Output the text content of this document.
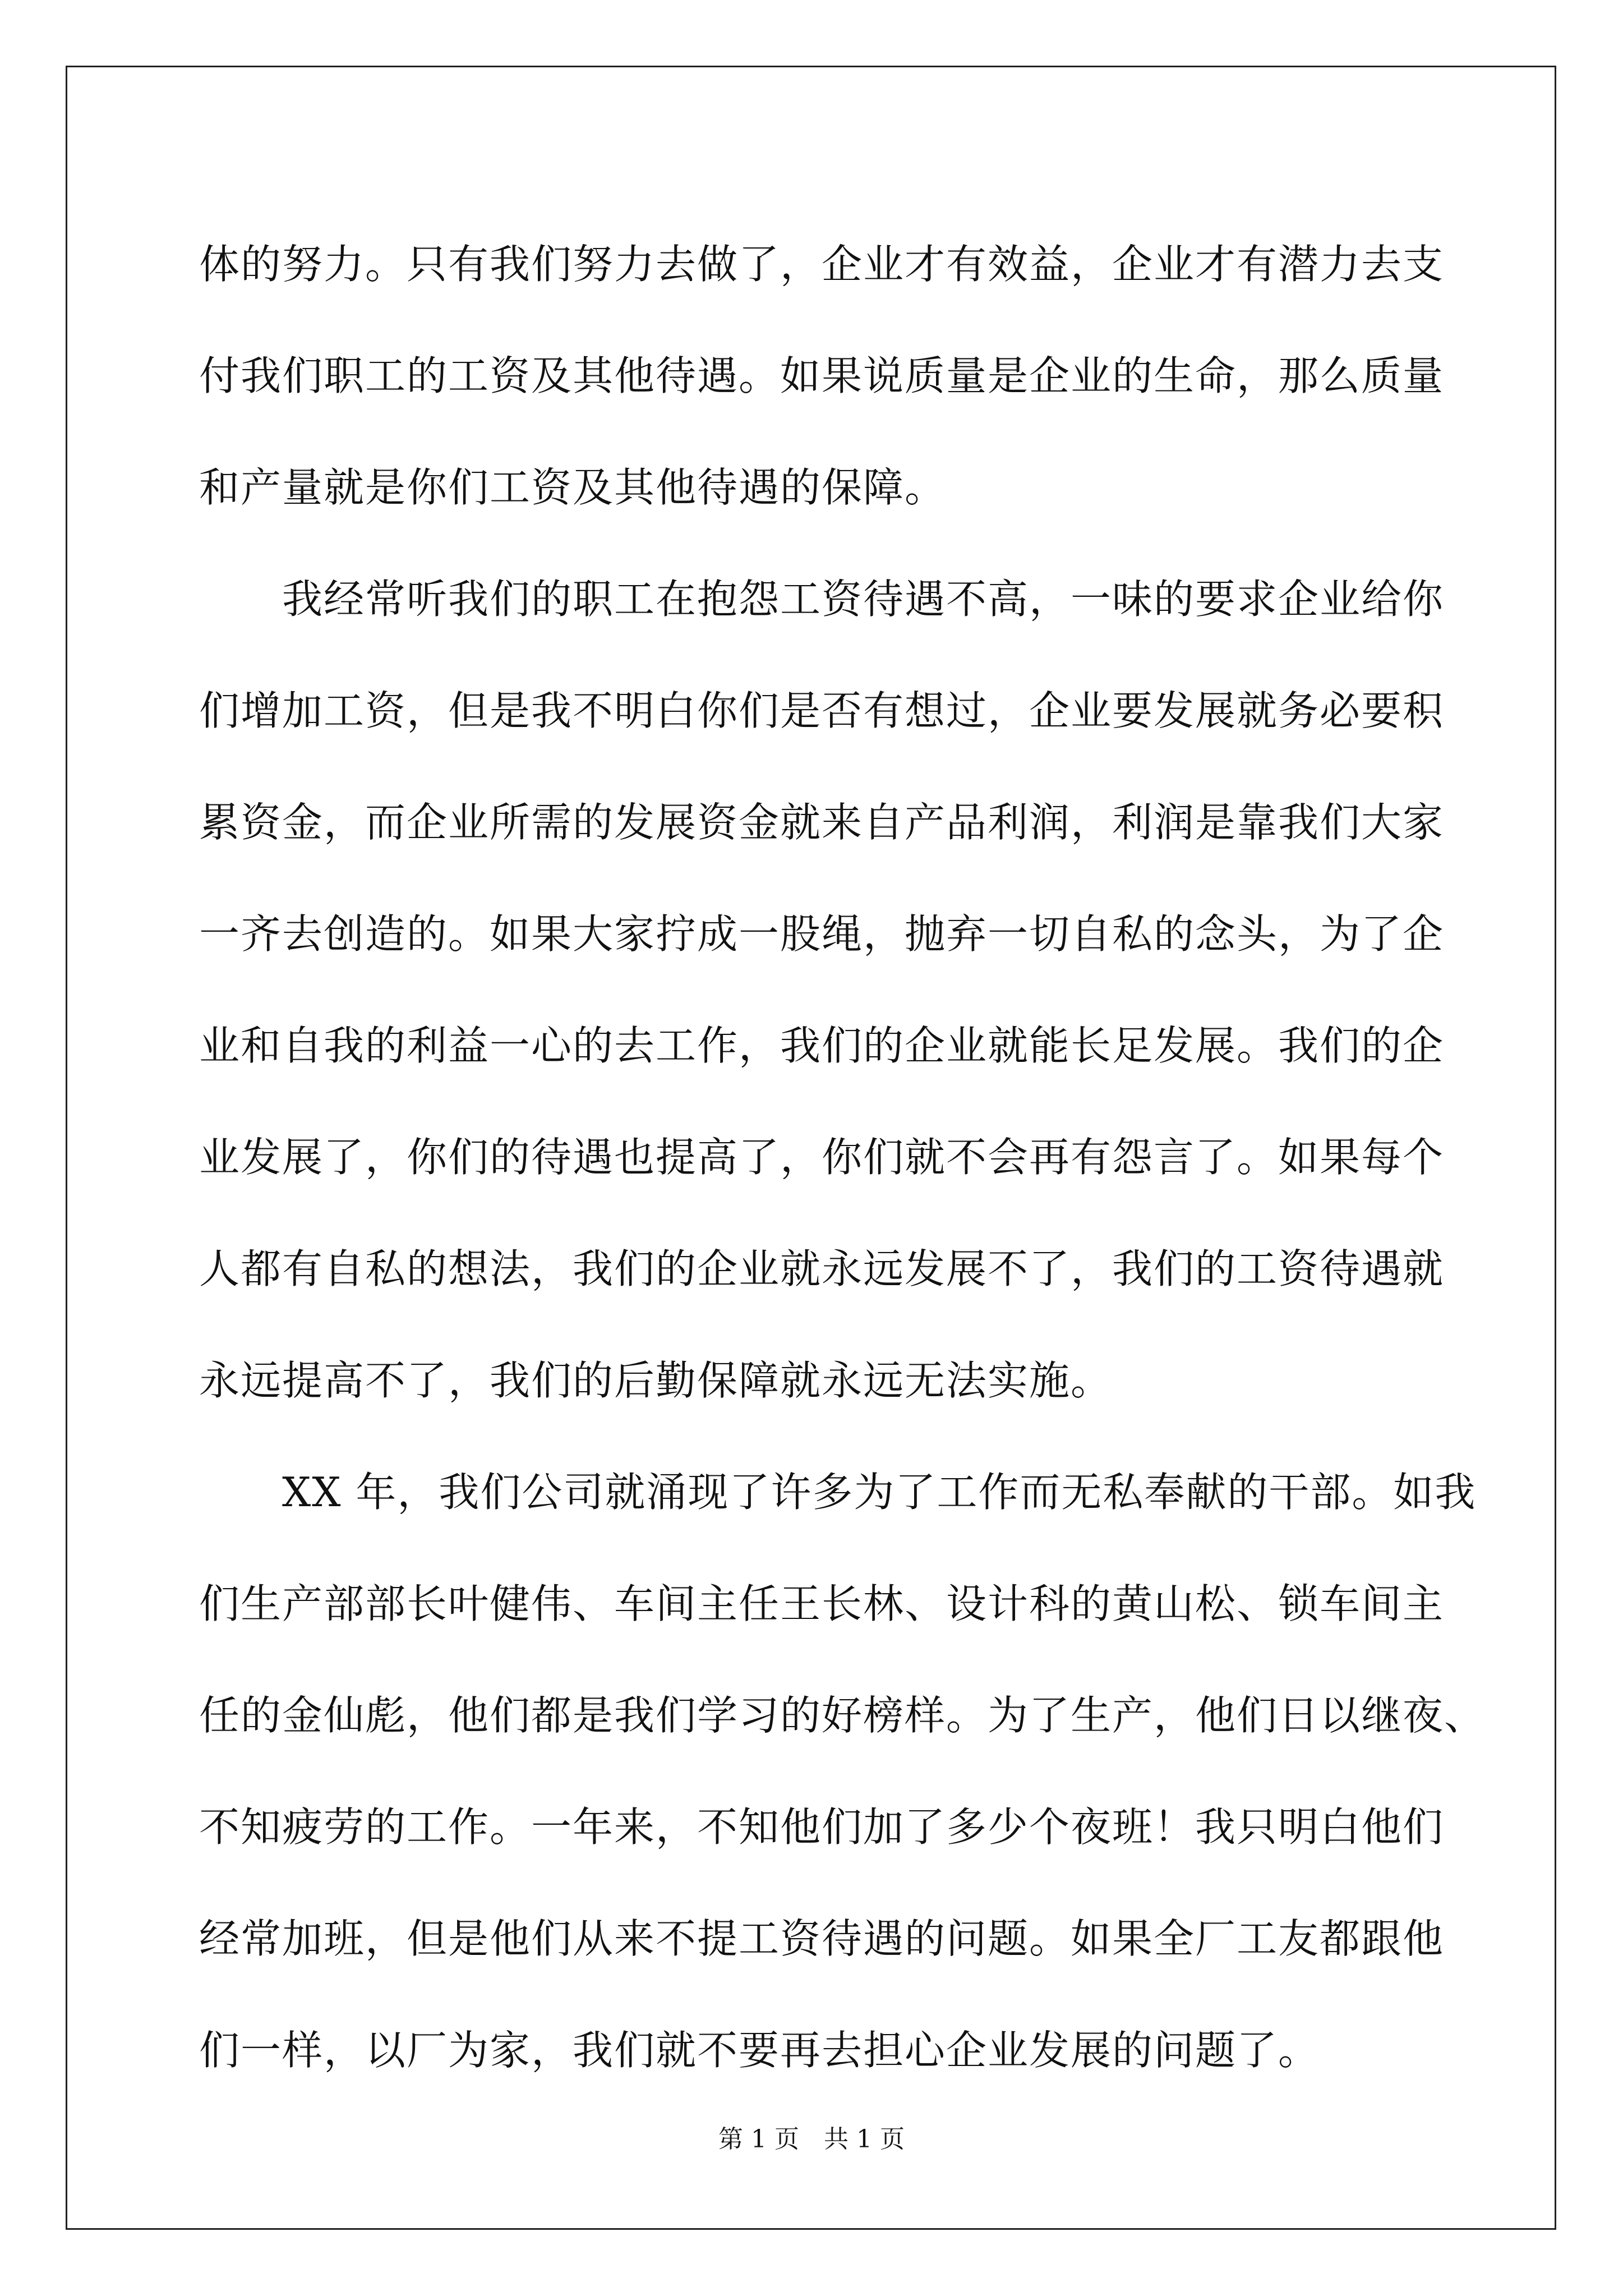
体的努力。只有我们努力去做了，企业才有效益，企业才有潜力去支
付我们职工的工资及其他待遇。如果说质量是企业的生命，那么质量
和产量就是你们工资及其他待遇的保障。
　　我经常听我们的职工在抱怨工资待遇不高，一味的要求企业给你
们增加工资，但是我不明白你们是否有想过，企业要发展就务必要积
累资金，而企业所需的发展资金就来自产品利润，利润是靠我们大家
一齐去创造的。如果大家拧成一股绳，抛弃一切自私的念头，为了企
业和自我的利益一心的去工作，我们的企业就能长足发展。我们的企
业发展了，你们的待遇也提高了，你们就不会再有怨言了。如果每个
人都有自私的想法，我们的企业就永远发展不了，我们的工资待遇就
永远提高不了，我们的后勤保障就永远无法实施。
　　XX 年，我们公司就涌现了许多为了工作而无私奉献的干部。如我
们生产部部长叶健伟、车间主任王长林、设计科的黄山松、锁车间主
任的金仙彪，他们都是我们学习的好榜样。为了生产，他们日以继夜、
不知疲劳的工作。一年来，不知他们加了多少个夜班！我只明白他们
经常加班，但是他们从来不提工资待遇的问题。如果全厂工友都跟他
们一样，以厂为家，我们就不要再去担心企业发展的问题了。
第 1 页　共 1 页
